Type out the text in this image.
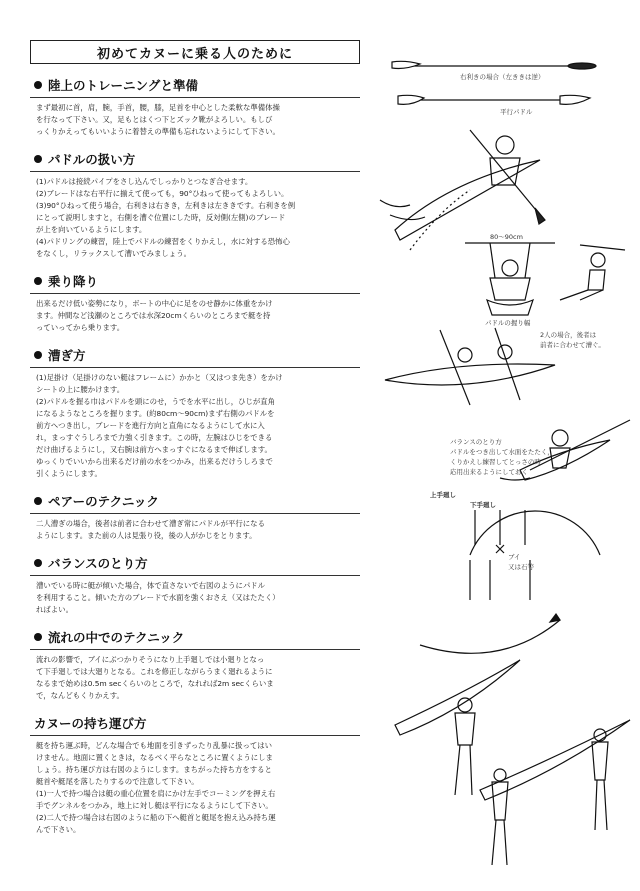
初めてカヌーに乗る人のために
陸上のトレーニングと準備
まず最初に首，肩，腕，手首，腰，膝，足首を中心とした柔軟な準備体操
を行なって下さい。又，足もとはくつ下とズック靴がよろしい。もしび
っくりかえってもいいように着替えの準備も忘れないようにして下さい。
パドルの扱い方
(1)パドルは接続パイプをさし込んでしっかりとつなぎ合せます。
(2)ブレードはな右平行に揃えて使っても，90°ひねって使ってもよろしい。
(3)90°ひねって使う場合，右利きは右きき，左利きは左ききです。右利きを例
にとって説明しますと，右側を漕ぐ位置にした時，反対側(左側)のブレード
が上を向いているようにします。
(4)パドリングの練習，陸上でパドルの練習をくりかえし，水に対する恐怖心
をなくし，リラックスして漕いでみましょう。
乗り降り
出来るだけ低い姿勢になり，ボートの中心に足をのせ静かに体重をかけ
ます。仲間など浅瀬のところでは水深20cmくらいのところまで艇を持
っていってから乗ります。
漕ぎ方
(1)足掛け（足掛けのない艇はフレームに）かかと（又はつま先き）をかけ
シートの上に腰かけます。
(2)パドルを握る巾はパドルを頭にのせ，うでを水平に出し，ひじが直角
になるようなところを握ります。(約80cm～90cm)まず右側のパドルを
前方へつき出し，ブレードを進行方向と直角になるようにして水に入
れ，まっすぐうしろまで力強く引きます。この時，左腕はひじをできる
だけ曲げるようにし，又右腕は前方へまっすぐになるまで伸ばします。
ゆっくりでいいから出来るだけ前の水をつかみ，出来るだけうしろまで
引くようにします。
ペアーのテクニック
二人漕ぎの場合，後者は前者に合わせて漕ぎ常にパドルが平行になる
ようにします。また前の人は見張り役，後の人がかじをとります。
バランスのとり方
漕いでいる時に艇が傾いた場合，体で直さないで右図のようにパドル
を利用すること。傾いた方のブレードで水面を強くおさえ（又はたたく）
ればよい。
流れの中でのテクニック
流れの影響で，ブイにぶつかりそうになり上手廻しでは小廻りとなっ
て下手廻しでは大廻りとなる。これを修正しながらうまく廻れるように
なるまで始めは0.5m secくらいのところで，なれれば2m secくらいま
で，なんどもくりかえす。
カヌーの持ち運び方
艇を持ち運ぶ時，どんな場合でも地面を引きずったり乱暴に扱ってはい
けません。地面に置くときは，なるべく平らなところに置くようにしま
しょう。持ち運び方は右図のようにします。まちがった持ち方をすると
艇首や艇尾を落したりするので注意して下さい。
(1)一人で持つ場合は艇の重心位置を肩にかけ左手でコーミングを押え右
手でグンネルをつかみ，地上に対し艇は平行になるようにして下さい。
(2)二人で持つ場合は右図のように船の下へ艇首と艇尾を抱え込み持ち運
んで下さい。
右利きの場合（左ききは逆）
平行パドル
80～90cm
パドルの握り幅
2人の場合，後者は
前者に合わせて漕ぐ。
バランスのとり方
パドルをつき出して水面をたたく，
くりかえし練習してとっさの時
応用出来るようにしておく
上手廻し
下手廻し
ブイ
又は石等
